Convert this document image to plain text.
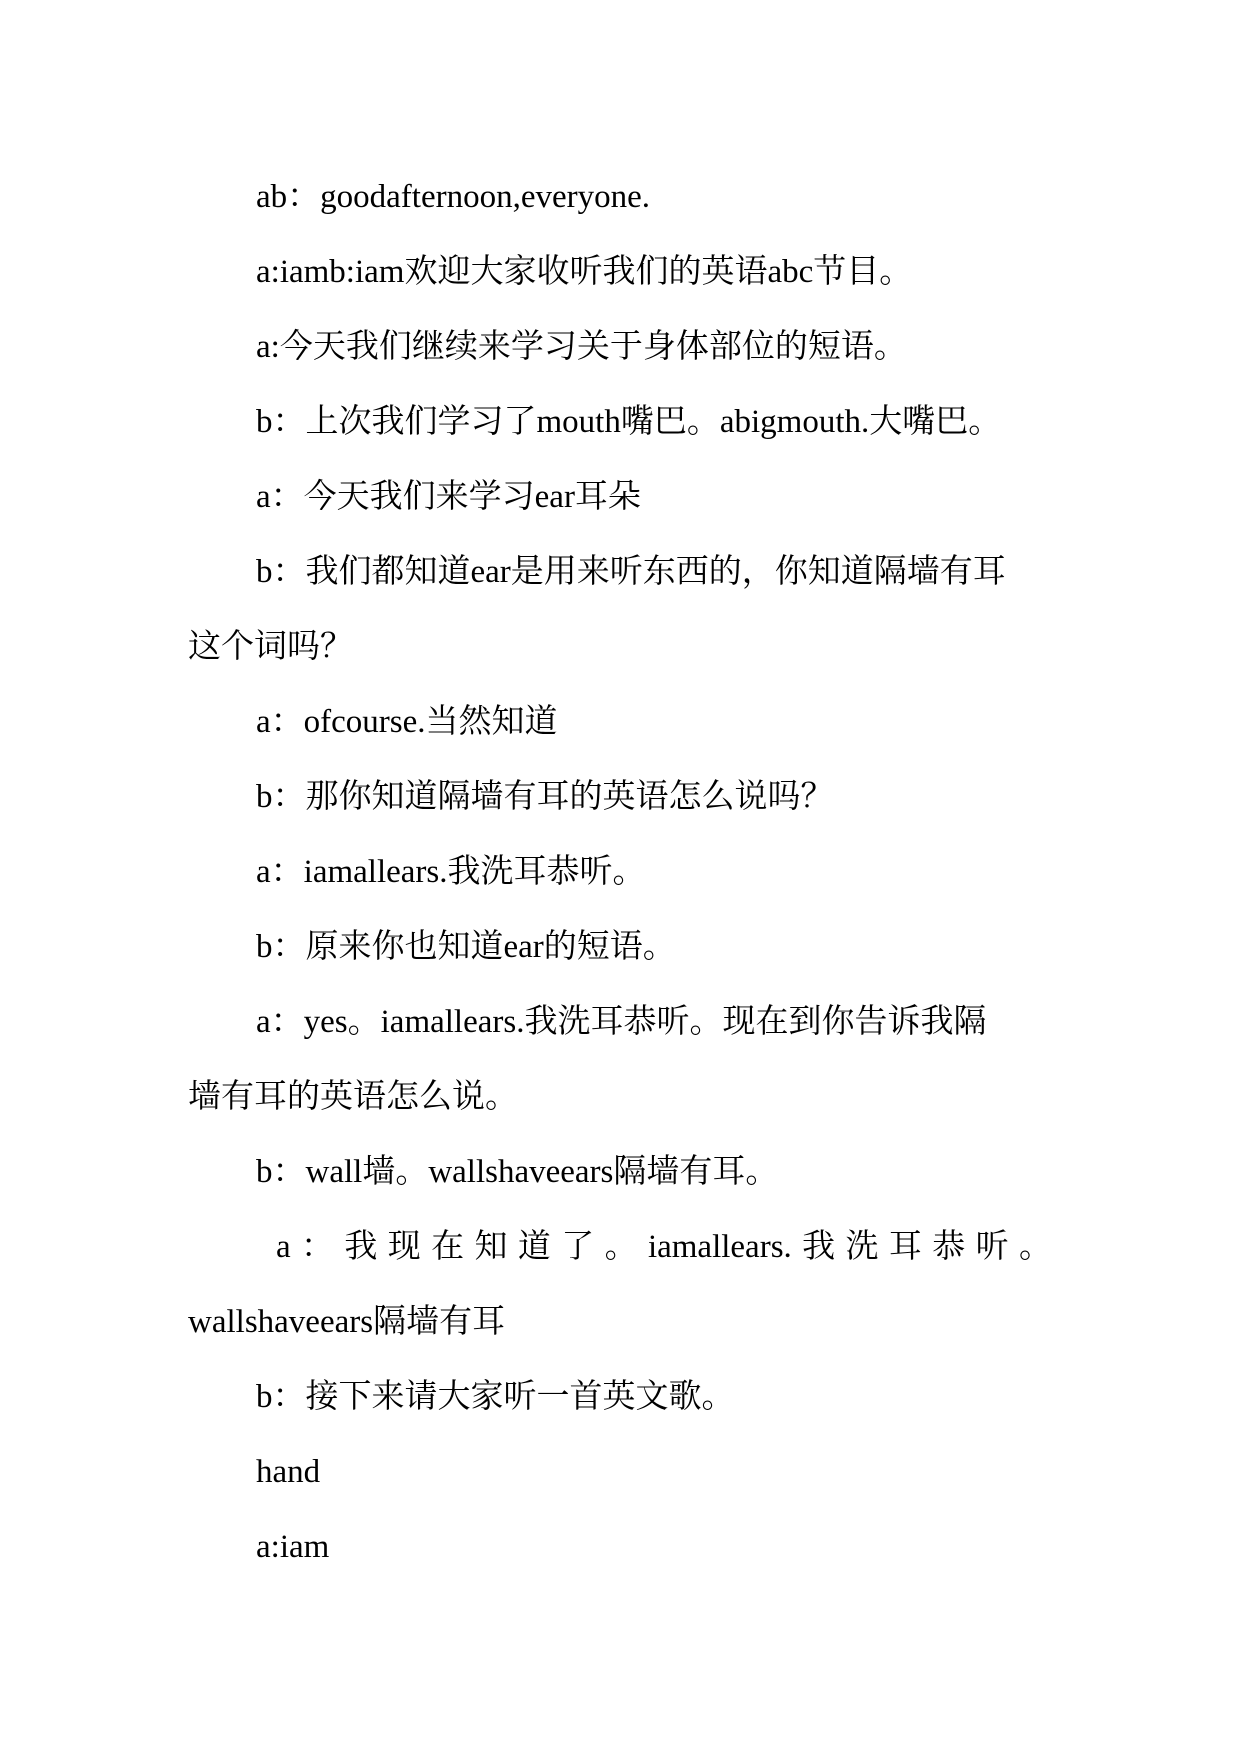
ab：goodafternoon,everyone.
a:iamb:iam欢迎大家收听我们的英语abc节目。
a:今天我们继续来学习关于身体部位的短语。
b：上次我们学习了mouth嘴巴。abigmouth.大嘴巴。
a：今天我们来学习ear耳朵
b：我们都知道ear是用来听东西的，你知道隔墙有耳
这个词吗？
a：ofcourse.当然知道
b：那你知道隔墙有耳的英语怎么说吗？
a：iamallears.我洗耳恭听。
b：原来你也知道ear的短语。
a：yes。iamallears.我洗耳恭听。现在到你告诉我隔
墙有耳的英语怎么说。
b：wall墙。wallshaveears隔墙有耳。
a：我现在知道了。iamallears.我洗耳恭听。
wallshaveears隔墙有耳
b：接下来请大家听一首英文歌。
hand
a:iam
